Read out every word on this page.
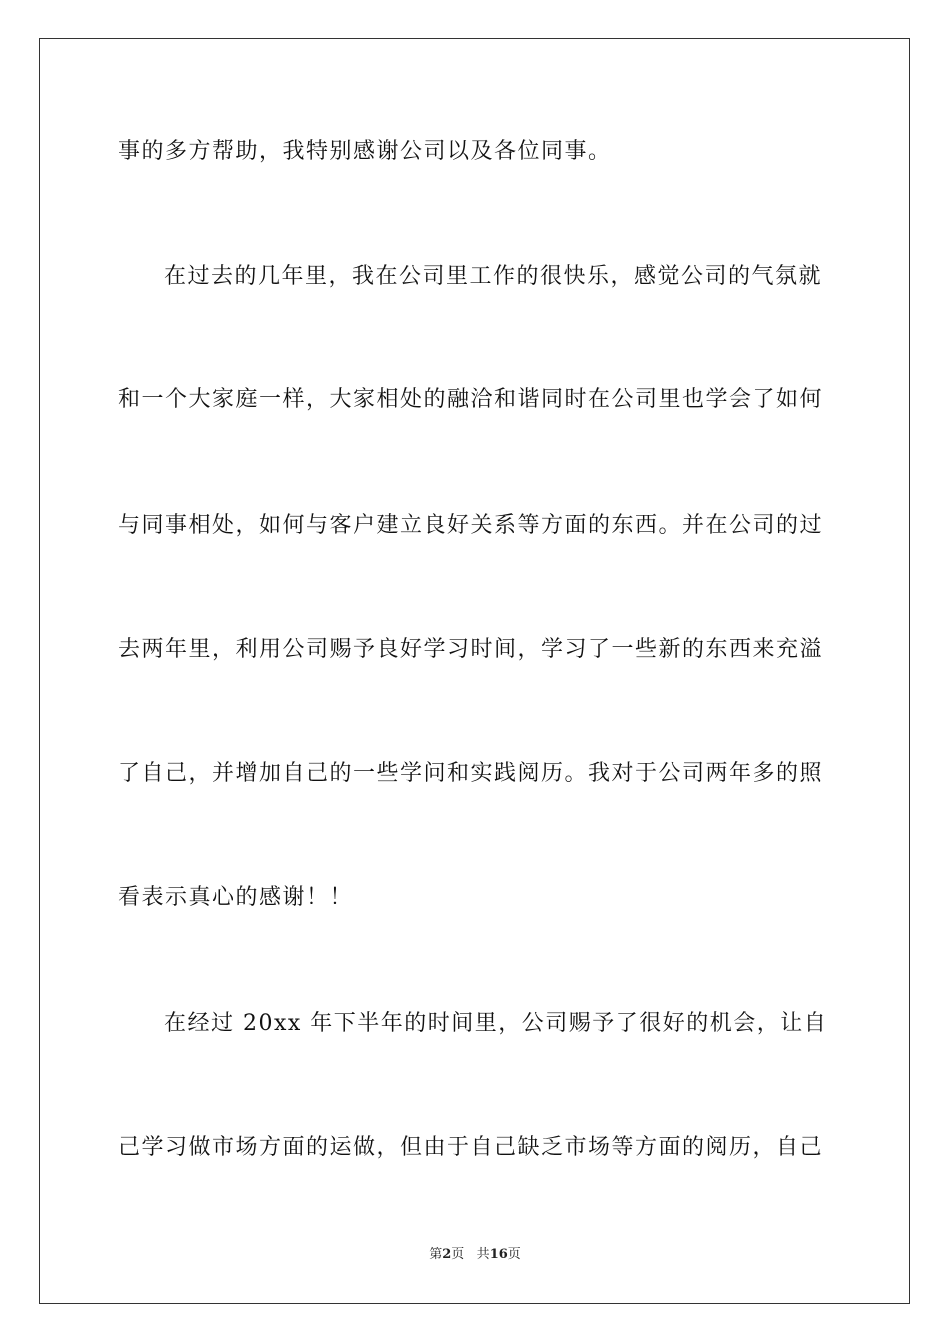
事的多方帮助，我特别感谢公司以及各位同事。
在过去的几年里，我在公司里工作的很快乐，感觉公司的气氛就
和一个大家庭一样，大家相处的融洽和谐同时在公司里也学会了如何
与同事相处，如何与客户建立良好关系等方面的东西。并在公司的过
去两年里，利用公司赐予良好学习时间，学习了一些新的东西来充溢
了自己，并增加自己的一些学问和实践阅历。我对于公司两年多的照
看表示真心的感谢！！
在经过 20xx 年下半年的时间里，公司赐予了很好的机会，让自
己学习做市场方面的运做，但由于自己缺乏市场等方面的阅历，自己
第2页 共16页
